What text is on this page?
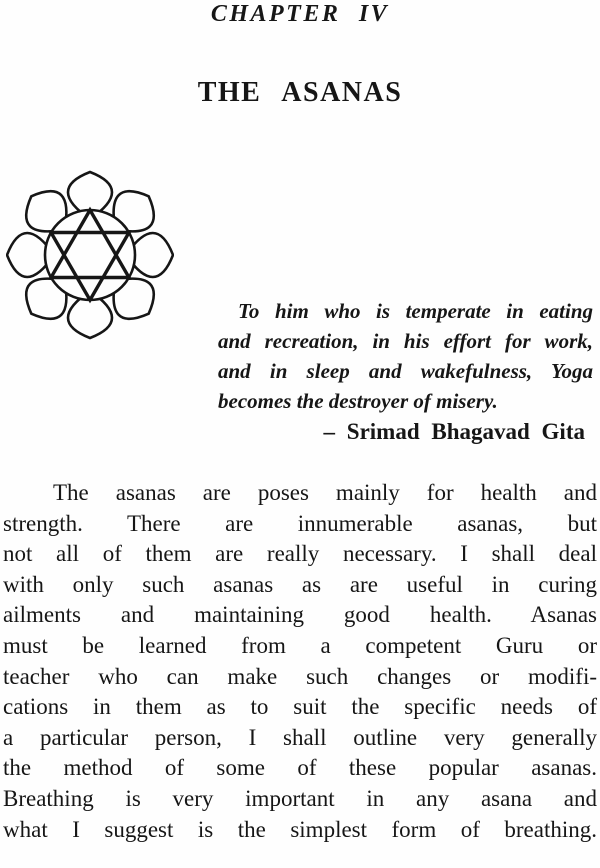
CHAPTER IV
THE ASANAS
To him who is temperate in eating
and recreation, in his effort for work,
and in sleep and wakefulness, Yoga
becomes the destroyer of misery.
– Srimad Bhagavad Gita
The asanas are poses mainly for health and
strength. There are innumerable asanas, but
not all of them are really necessary. I shall deal
with only such asanas as are useful in curing
ailments and maintaining good health. Asanas
must be learned from a competent Guru or
teacher who can make such changes or modifi-
cations in them as to suit the specific needs of
a particular person, I shall outline very generally
the method of some of these popular asanas.
Breathing is very important in any asana and
what I suggest is the simplest form of breathing.
